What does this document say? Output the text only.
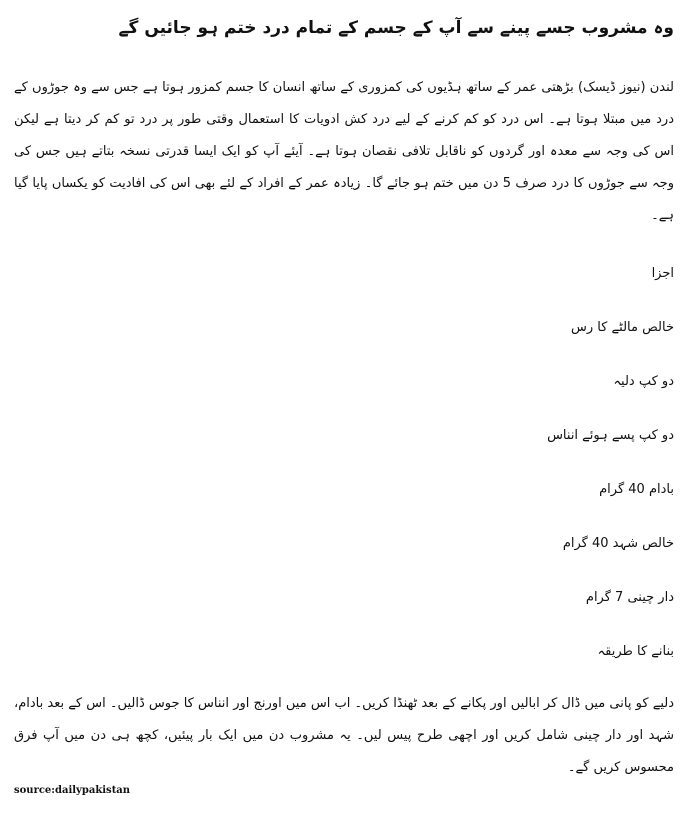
وہ مشروب جسے پینے سے آپ کے جسم کے تمام درد ختم ہو جائیں گے
لندن (نیوز ڈیسک) بڑھتی عمر کے ساتھ ہڈیوں کی کمزوری کے ساتھ انسان کا جسم کمزور ہوتا ہے جس سے وہ جوڑوں کے درد میں مبتلا ہوتا ہے۔ اس درد کو کم کرنے کے لیے درد کش ادویات کا استعمال وقتی طور پر درد تو کم کر دیتا ہے لیکن اس کی وجہ سے معدہ اور گردوں کو ناقابل تلافی نقصان ہوتا ہے۔ آیئے آپ کو ایک ایسا قدرتی نسخہ بتاتے ہیں جس کی وجہ سے جوڑوں کا درد صرف 5 دن میں ختم ہو جائے گا۔ زیادہ عمر کے افراد کے لئے بھی اس کی افادیت کو یکساں پایا گیا ہے۔
اجزا
خالص مالٹے کا رس
دو کپ دلیہ
دو کپ پسے ہوئے انناس
بادام 40 گرام
خالص شہد 40 گرام
دار چینی 7 گرام
بنانے کا طریقہ
دلیے کو پانی میں ڈال کر ابالیں اور پکانے کے بعد ٹھنڈا کریں۔ اب اس میں اورنج اور انناس کا جوس ڈالیں۔ اس کے بعد بادام، شہد اور دار چینی شامل کریں اور اچھی طرح پیس لیں۔ یہ مشروب دن میں ایک بار پیئیں، کچھ ہی دن میں آپ فرق محسوس کریں گے۔
source:dailypakistan
